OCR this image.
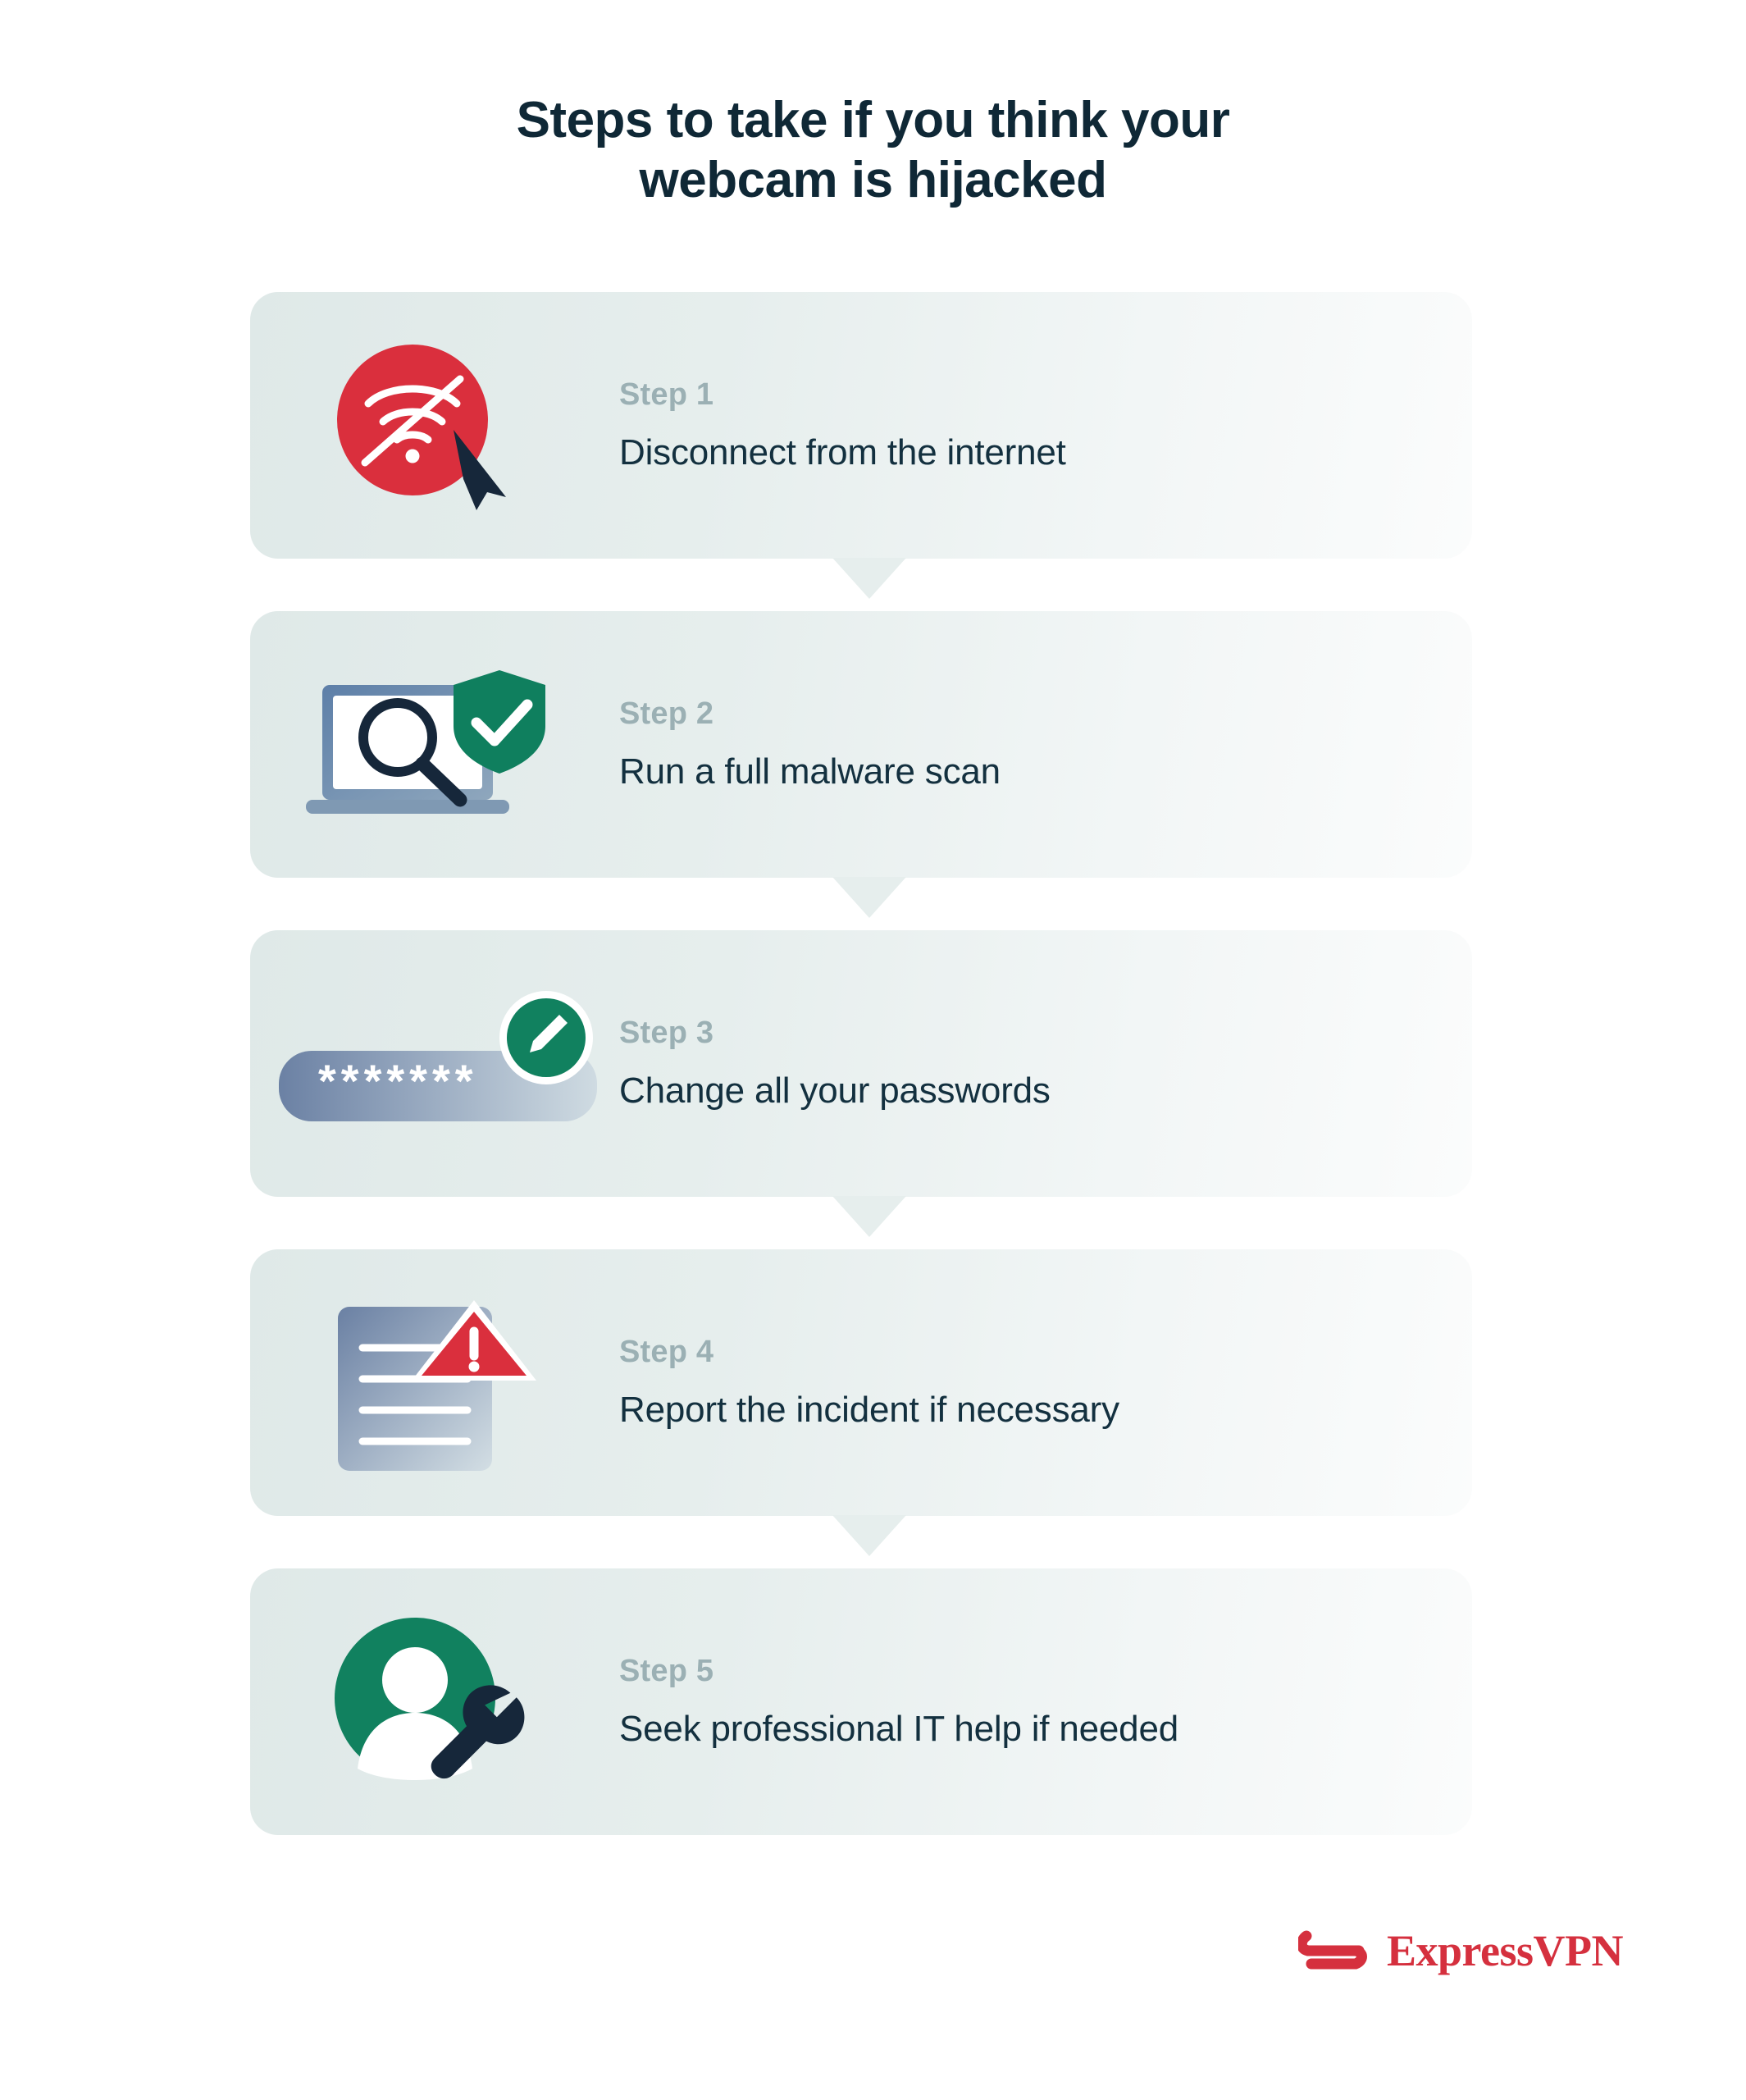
Steps to take if you think your
webcam is hijacked
Step 1
Disconnect from the internet
Step 2
Run a full malware scan
*******
Step 3
Change all your passwords
Step 4
Report the incident if necessary
Step 5
Seek professional IT help if needed
ExpressVPN
